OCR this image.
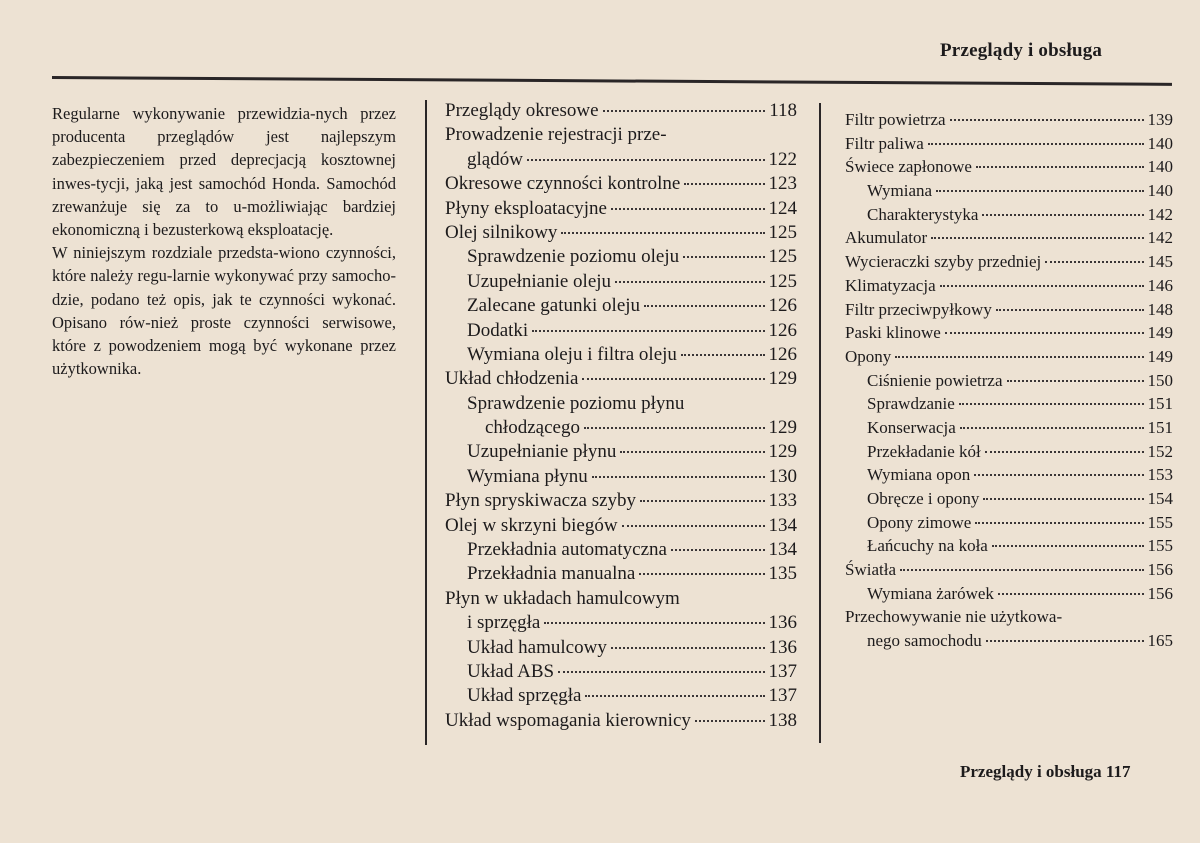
Przeglądy i obsługa

Regularne wykonywanie przewidzia-nych przez producenta przeglądów jest najlepszym zabezpieczeniem przed deprecjacją kosztownej inwes-tycji, jaką jest samochód Honda. Samochód zrewanżuje się za to u-możliwiając bardziej ekonomiczną i bezusterkową eksploatację.

W niniejszym rozdziale przedsta-wiono czynności, które należy regu-larnie wykonywać przy samocho-dzie, podano też opis, jak te czynności wykonać. Opisano rów-nież proste czynności serwisowe, które z powodzeniem mogą być wykonane przez użytkownika.

Przeglądy okresowe	118
Prowadzenie rejestracji prze-
glądów	122
Okresowe czynności kontrolne	123
Płyny eksploatacyjne	124
Olej silnikowy	125
Sprawdzenie poziomu oleju	125
Uzupełnianie oleju	125
Zalecane gatunki oleju	126
Dodatki	126
Wymiana oleju i filtra oleju	126
Układ chłodzenia	129
Sprawdzenie poziomu płynu
chłodzącego	129
Uzupełnianie płynu	129
Wymiana płynu	130
Płyn spryskiwacza szyby	133
Olej w skrzyni biegów	134
Przekładnia automatyczna	134
Przekładnia manualna	135
Płyn w układach hamulcowym
i sprzęgła	136
Układ hamulcowy	136
Układ ABS	137
Układ sprzęgła	137
Układ wspomagania kierownicy	138
Filtr powietrza	139
Filtr paliwa	140
Świece zapłonowe	140
Wymiana	140
Charakterystyka	142
Akumulator	142
Wycieraczki szyby przedniej	145
Klimatyzacja	146
Filtr przeciwpyłkowy	148
Paski klinowe	149
Opony	149
Ciśnienie powietrza	150
Sprawdzanie	151
Konserwacja	151
Przekładanie kół	152
Wymiana opon	153
Obręcze i opony	154
Opony zimowe	155
Łańcuchy na koła	155
Światła	156
Wymiana żarówek	156
Przechowywanie nie użytkowa-
nego samochodu	165
Przeglądy i obsługa 117
